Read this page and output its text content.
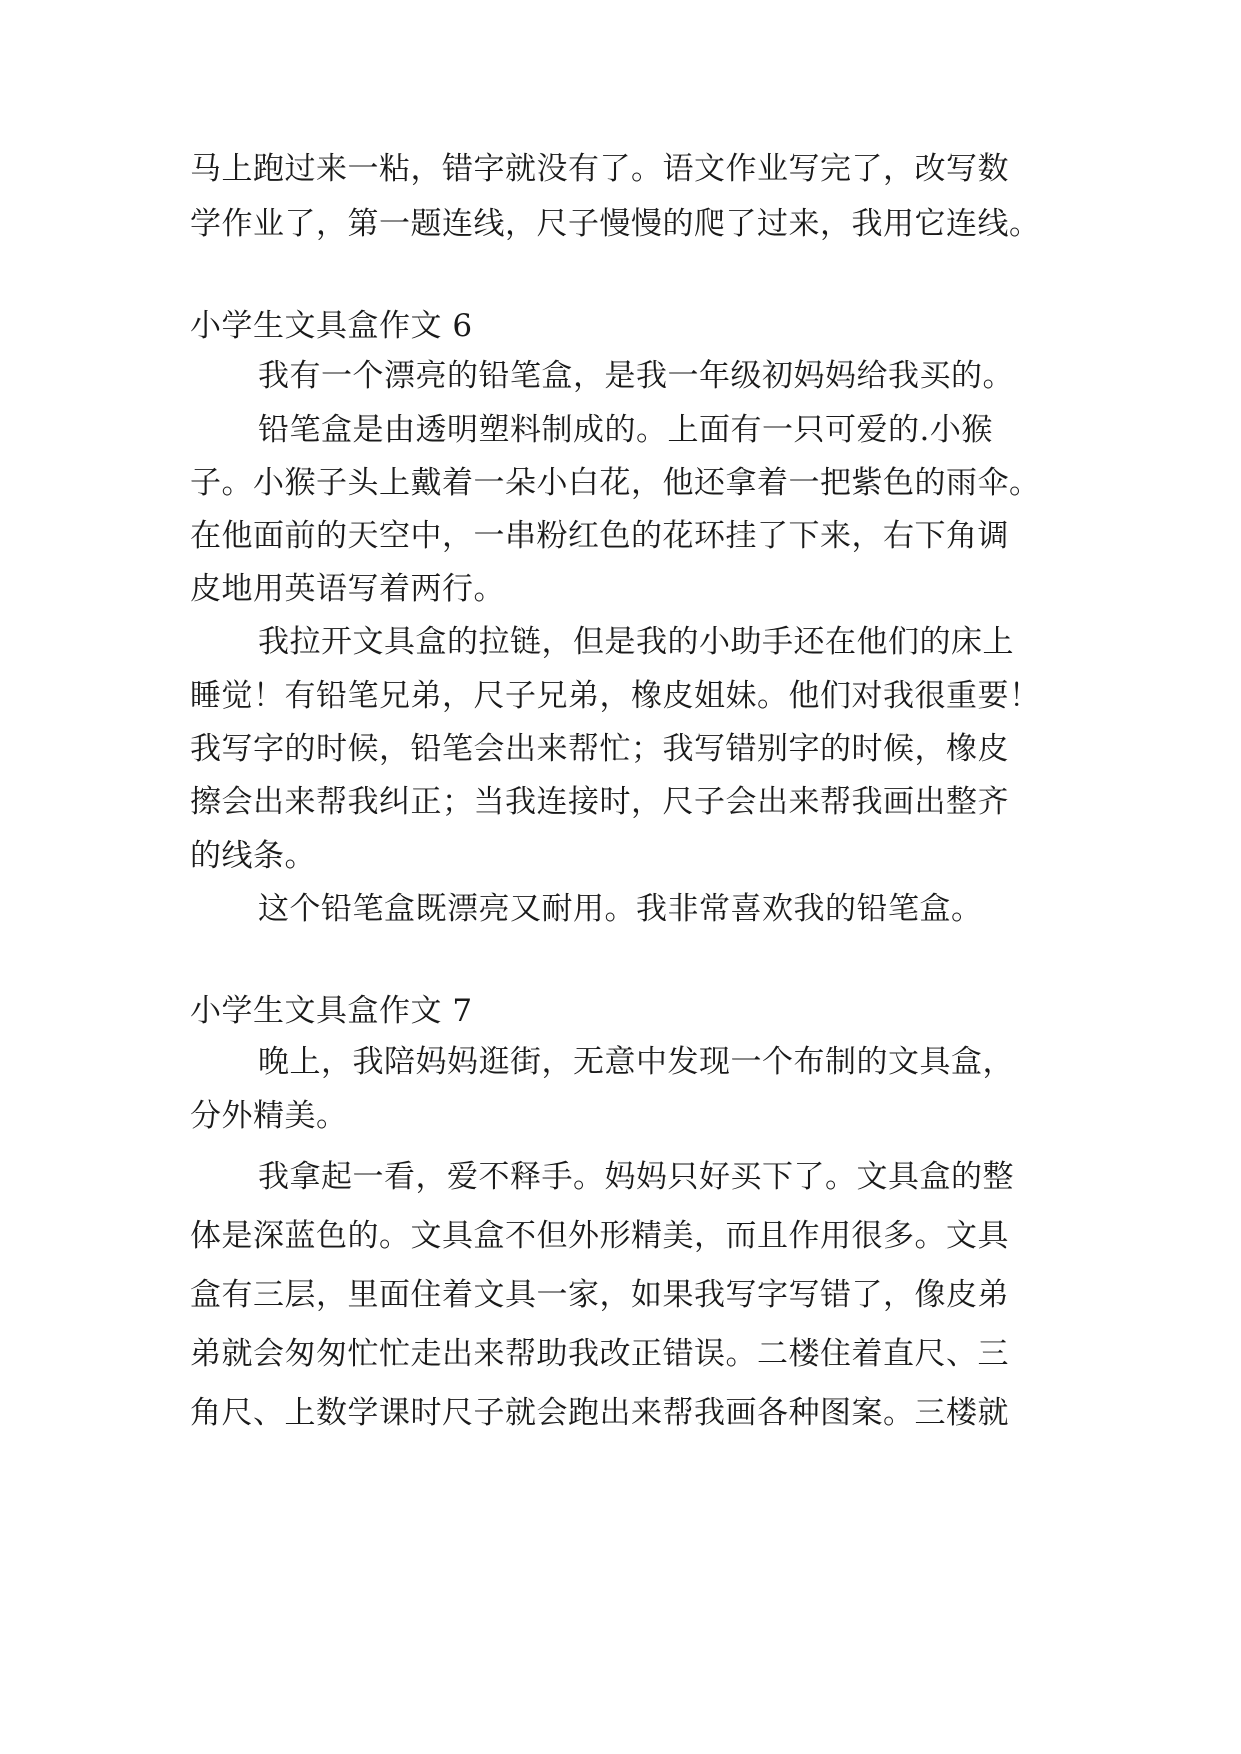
马上跑过来一粘，错字就没有了。语文作业写完了，改写数
学作业了，第一题连线，尺子慢慢的爬了过来，我用它连线。
小学生文具盒作文 6
我有一个漂亮的铅笔盒，是我一年级初妈妈给我买的。
铅笔盒是由透明塑料制成的。上面有一只可爱的.小猴
子。小猴子头上戴着一朵小白花，他还拿着一把紫色的雨伞。
在他面前的天空中，一串粉红色的花环挂了下来，右下角调
皮地用英语写着两行。
我拉开文具盒的拉链，但是我的小助手还在他们的床上
睡觉！有铅笔兄弟，尺子兄弟，橡皮姐妹。他们对我很重要！
我写字的时候，铅笔会出来帮忙；我写错别字的时候，橡皮
擦会出来帮我纠正；当我连接时，尺子会出来帮我画出整齐
的线条。
这个铅笔盒既漂亮又耐用。我非常喜欢我的铅笔盒。
小学生文具盒作文 7
晚上，我陪妈妈逛街，无意中发现一个布制的文具盒，
分外精美。
我拿起一看，爱不释手。妈妈只好买下了。文具盒的整
体是深蓝色的。文具盒不但外形精美，而且作用很多。文具
盒有三层，里面住着文具一家，如果我写字写错了，像皮弟
弟就会匆匆忙忙走出来帮助我改正错误。二楼住着直尺、三
角尺、上数学课时尺子就会跑出来帮我画各种图案。三楼就
